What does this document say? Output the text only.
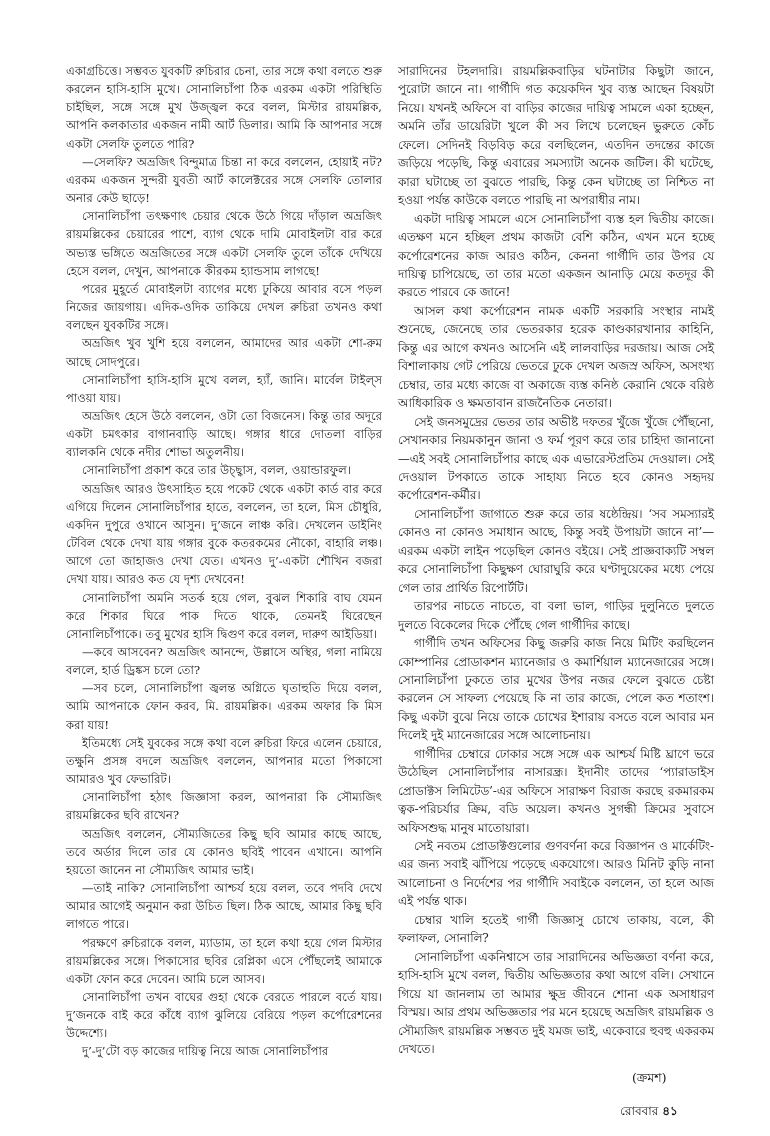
একাগ্রচিত্তে। সম্ভবত যুবকটি রুচিরার চেনা, তার সঙ্গে কথা বলতে শুরু করলেন হাসি-হাসি মুখে। সোনালিচাঁপা ঠিক এরকম একটা পরিস্থিতি চাইছিল, সঙ্গে সঙ্গে মুখ উজ্জ্বল করে বলল, মিস্টার রায়মল্লিক, আপনি কলকাতার একজন নামী আর্ট ডিলার। আমি কি আপনার সঙ্গে একটা সেলফি তুলতে পারি?

—সেলফি? অভ্রজিৎ বিন্দুমাত্র চিন্তা না করে বললেন, হোয়াই নট? এরকম একজন সুন্দরী যুবতী আর্ট কালেক্টরের সঙ্গে সেলফি তোলার অনার কেউ ছাড়ে!

সোনালিচাঁপা তৎক্ষণাৎ চেয়ার থেকে উঠে গিয়ে দাঁড়াল অভ্রজিৎ রায়মল্লিকের চেয়ারের পাশে, ব্যাগ থেকে দামি মোবাইলটা বার করে অভ্যস্ত ভঙ্গিতে অভ্রজিতের সঙ্গে একটা সেলফি তুলে তাঁকে দেখিয়ে হেসে বলল, দেখুন, আপনাকে কীরকম হ্যান্ডসাম লাগছে!

পরের মুহূর্তে মোবাইলটা ব্যাগের মধ্যে ঢুকিয়ে আবার বসে পড়ল নিজের জায়গায়। এদিক-ওদিক তাকিয়ে দেখল রুচিরা তখনও কথা বলছেন যুবকটির সঙ্গে।

অভ্রজিৎ খুব খুশি হয়ে বললেন, আমাদের আর একটা শো-রুম আছে সোদপুরে।

সোনালিচাঁপা হাসি-হাসি মুখে বলল, হ্যাঁ, জানি। মার্বেল টাইল্‌স পাওয়া যায়।

অভ্রজিৎ হেসে উঠে বললেন, ওটা তো বিজনেস। কিন্তু তার অদূরে একটা চমৎকার বাগানবাড়ি আছে। গঙ্গার ধারে দোতলা বাড়ির ব্যালকনি থেকে নদীর শোভা অতুলনীয়।

সোনালিচাঁপা প্রকাশ করে তার উচ্ছ্বাস, বলল, ওয়ান্ডারফুল।

অভ্রজিৎ আরও উৎসাহিত হয়ে পকেট থেকে একটা কার্ড বার করে এগিয়ে দিলেন সোনালিচাঁপার হাতে, বললেন, তা হলে, মিস চৌধুরি, একদিন দুপুরে ওখানে আসুন। দু’জনে লাঞ্চ করি। দেখলেন ডাইনিং টেবিল থেকে দেখা যায় গঙ্গার বুকে কতরকমের নৌকো, বাহারি লঞ্চ। আগে তো জাহাজও দেখা যেত। এখনও দু’-একটা শৌখিন বজরা দেখা যায়। আরও কত যে দৃশ্য দেখবেন!

সোনালিচাঁপা অমনি সতর্ক হয়ে গেল, বুঝল শিকারি বাঘ যেমন করে শিকার ঘিরে পাক দিতে থাকে, তেমনই ঘিরেছেন সোনালিচাঁপাকে। তবু মুখের হাসি দ্বিগুণ করে বলল, দারুণ আইডিয়া।

—কবে আসবেন? অভ্রজিৎ আনন্দে, উল্লাসে অস্থির, গলা নামিয়ে বললে, হার্ড ড্রিঙ্কস চলে তো?

—সব চলে, সোনালিচাঁপা জ্বলন্ত অগ্নিতে ঘৃতাহুতি দিয়ে বলল, আমি আপনাকে ফোন করব, মি. রায়মল্লিক। এরকম অফার কি মিস করা যায়!

ইতিমধ্যে সেই যুবকের সঙ্গে কথা বলে রুচিরা ফিরে এলেন চেয়ারে, তক্ষুনি প্রসঙ্গ বদলে অভ্রজিৎ বললেন, আপনার মতো পিকাসো আমারও খুব ফেভারিট।

সোনালিচাঁপা হঠাৎ জিজ্ঞাসা করল, আপনারা কি সৌম্যজিৎ রায়মল্লিকের ছবি রাখেন?

অভ্রজিৎ বললেন, সৌম্যজিতের কিছু ছবি আমার কাছে আছে, তবে অর্ডার দিলে তার যে কোনও ছবিই পাবেন এখানে। আপনি হয়তো জানেন না সৌম্যজিৎ আমার ভাই।

—তাই নাকি? সোনালিচাঁপা আশ্চর্য হয়ে বলল, তবে পদবি দেখে আমার আগেই অনুমান করা উচিত ছিল। ঠিক আছে, আমার কিছু ছবি লাগতে পারে।

পরক্ষণে রুচিরাকে বলল, ম্যাডাম, তা হলে কথা হয়ে গেল মিস্টার রায়মল্লিকের সঙ্গে। পিকাসোর ছবির রেপ্লিকা এসে পৌঁছলেই আমাকে একটা ফোন করে দেবেন। আমি চলে আসব।

সোনালিচাঁপা তখন বাঘের গুহা থেকে বেরতে পারলে বর্তে যায়। দু’জনকে বাই করে কাঁধে ব্যাগ ঝুলিয়ে বেরিয়ে পড়ল কর্পোরেশনের উদ্দেশ্যে।

দু’-দু’টো বড় কাজের দায়িত্ব নিয়ে আজ সোনালিচাঁপার

সারাদিনের টহলদারি। রায়মল্লিকবাড়ির ঘটনাটার কিছুটা জানে, পুরোটা জানে না। গার্গীদি গত কয়েকদিন খুব ব্যস্ত আছেন বিষয়টা নিয়ে। যখনই অফিসে বা বাড়ির কাজের দায়িত্ব সামলে একা হচ্ছেন, অমনি তাঁর ডায়েরিটা খুলে কী সব লিখে চলেছেন ভুরুতে কোঁচ ফেলে। সেদিনই বিড়বিড় করে বলছিলেন, এতদিন তদন্তের কাজে জড়িয়ে পড়েছি, কিন্তু এবারের সমস্যাটা অনেক জটিল। কী ঘটেছে, কারা ঘটাচ্ছে তা বুঝতে পারছি, কিন্তু কেন ঘটাচ্ছে তা নিশ্চিত না হওয়া পর্যন্ত কাউকে বলতে পারছি না অপরাধীর নাম।

একটা দায়িত্ব সামলে এসে সোনালিচাঁপা ব্যস্ত হল দ্বিতীয় কাজে। এতক্ষণ মনে হচ্ছিল প্রথম কাজটা বেশি কঠিন, এখন মনে হচ্ছে কর্পোরেশনের কাজ আরও কঠিন, কেননা গার্গীদি তার উপর যে দায়িত্ব চাপিয়েছে, তা তার মতো একজন আনাড়ি মেয়ে কতদূর কী করতে পারবে কে জানে!

আসল কথা কর্পোরেশন নামক একটি সরকারি সংস্থার নামই শুনেছে, জেনেছে তার ভেতরকার হরেক কাণ্ডকারখানার কাহিনি, কিন্তু এর আগে কখনও আসেনি এই লালবাড়ির দরজায়। আজ সেই বিশালাকায় গেট পেরিয়ে ভেতরে ঢুকে দেখল অজস্র অফিস, অসংখ্য চেম্বার, তার মধ্যে কাজে বা অকাজে ব্যস্ত কনিষ্ঠ কেরানি থেকে বরিষ্ঠ আধিকারিক ও ক্ষমতাবান রাজনৈতিক নেতারা।

সেই জনসমুদ্রের ভেতর তার অভীষ্ট দফতর খুঁজে খুঁজে পৌঁছনো, সেখানকার নিয়মকানুন জানা ও ফর্ম পূরণ করে তার চাহিদা জানানো—এই সবই সোনালিচাঁপার কাছে এক এভারেস্টপ্রতিম দেওয়াল। সেই দেওয়াল টপকাতে তাকে সাহায্য নিতে হবে কোনও সহৃদয় কর্পোরেশন-কর্মীর।

সোনালিচাঁপা জাগাতে শুরু করে তার ষষ্ঠেন্দ্রিয়। ‘সব সমস্যারই কোনও না কোনও সমাধান আছে, কিন্তু সবই উপায়টা জানে না’—এরকম একটা লাইন পড়েছিল কোনও বইয়ে। সেই প্রাজ্ঞবাক্যটি সম্বল করে সোনালিচাঁপা কিছুক্ষণ ঘোরাঘুরি করে ঘণ্টাদুয়েকের মধ্যে পেয়ে গেল তার প্রার্থিত রিপোর্টটি।

তারপর নাচতে নাচতে, বা বলা ভাল, গাড়ির দুলুনিতে দুলতে দুলতে বিকেলের দিকে পৌঁছে গেল গার্গীদির কাছে।

গার্গীদি তখন অফিসের কিছু জরুরি কাজ নিয়ে মিটিং করছিলেন কোম্পানির প্রোডাকশন ম্যানেজার ও কমার্শিয়াল ম্যানেজারের সঙ্গে। সোনালিচাঁপা ঢুকতে তার মুখের উপর নজর ফেলে বুঝতে চেষ্টা করলেন সে সাফল্য পেয়েছে কি না তার কাজে, পেলে কত শতাংশ। কিছু একটা বুঝে নিয়ে তাকে চোখের ইশারায় বসতে বলে আবার মন দিলেই দুই ম্যানেজারের সঙ্গে আলোচনায়।

গার্গীদির চেম্বারে ঢোকার সঙ্গে সঙ্গে এক আশ্চর্য মিষ্টি ঘ্রাণে ভরে উঠেছিল সোনালিচাঁপার নাসারন্ধ্র। ইদানীং তাদের ‘প্যারাডাইস প্রোডাক্টস লিমিটেড’-এর অফিসে সারাক্ষণ বিরাজ করছে রকমারকম ত্বক-পরিচর্যার ক্রিম, বডি অয়েল। কখনও সুগন্ধী ক্রিমের সুবাসে অফিসশুদ্ধ মানুষ মাতোয়ারা।

সেই নবতম প্রোডাক্টগুলোর গুণবর্ণনা করে বিজ্ঞাপন ও মার্কেটিং-এর জন্য সবাই ঝাঁপিয়ে পড়েছে একযোগে। আরও মিনিট কুড়ি নানা আলোচনা ও নির্দেশের পর গার্গীদি সবাইকে বললেন, তা হলে আজ এই পর্যন্ত থাক।

চেম্বার খালি হতেই গার্গী জিজ্ঞাসু চোখে তাকায়, বলে, কী ফলাফল, সোনালি?

সোনালিচাঁপা একনিশ্বাসে তার সারাদিনের অভিজ্ঞতা বর্ণনা করে, হাসি-হাসি মুখে বলল, দ্বিতীয় অভিজ্ঞতার কথা আগে বলি। সেখানে গিয়ে যা জানলাম তা আমার ক্ষুদ্র জীবনে শোনা এক অসাধারণ বিস্ময়। আর প্রথম অভিজ্ঞতার পর মনে হয়েছে অভ্রজিৎ রায়মল্লিক ও সৌম্যজিৎ রায়মল্লিক সম্ভবত দুই যমজ ভাই, একেবারে হুবহু একরকম দেখতে।

(ক্রমশ)
রোববার ৪১
